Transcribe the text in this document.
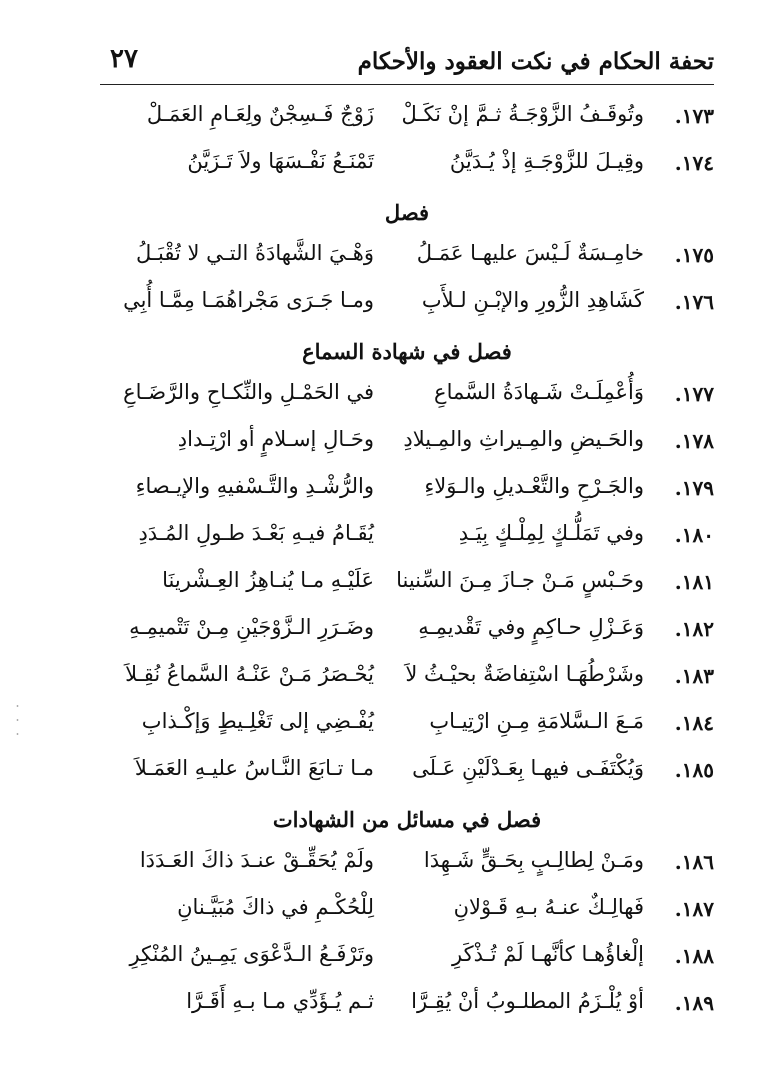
٢٧	تحفة الحكام في نكت العقود والأحكام
١٧٣.
وتُوقَـفُ الزَّوْجَـةُ ثـمَّ إنْ نَكَـلْ
زَوْجٌ فَـسِجْنٌ ولِعَـامِ العَمَـلْ
١٧٤.
وقِيـلَ للزَّوْجَـةِ إذْ يُـدَيَّنُ
تَمْنَـعُ نَفْـسَهَا ولاَ تَـزَيَّنُ
فصل
١٧٥.
خامِـسَةٌ لَـيْسَ عليهـا عَمَـلُ
وَهْـيَ الشَّهادَةُ التـي لا تُقْبَـلُ
١٧٦.
كَشَاهِدِ الزُّورِ والإبْـنِ لـلأَبِ
ومـا جَـرَى مَجْراهُمَـا مِمَّـا أُبِي
فصل في شهادة السماع
١٧٧.
وَأُعْمِلَـتْ شَـهادَةُ السَّماعِ
في الحَمْـلِ والنِّكـاحِ والرَّضَـاعِ
١٧٨.
والحَـيضِ والمِـيراثِ والمِـيلادِ
وحَـالِ إسـلامٍ أو ارْتِـدادِ
١٧٩.
والجَـرْحِ والتَّعْـديلِ والـوَلاءِ
والرُّشْـدِ والتَّـسْفيهِ والإيـصاءِ
١٨٠.
وفي تَمَلُّـكٍ لِمِلْـكٍ بِيَـدِ
يُقَـامُ فيـهِ بَعْـدَ طـولِ المُـدَدِ
١٨١.
وحَـبْسٍ مَـنْ جـازَ مِـنَ السِّنينا
عَلَيْـهِ مـا يُنـاهِزُ العِـشْرينَا
١٨٢.
وَعَـزْلِ حـاكِمٍ وفي تَقْديمِـهِ
وضَـرَرِ الـزَّوْجَيْنِ مِـنْ تَتْميمِـهِ
١٨٣.
وشَرْطُهَـا اسْتِفاضَةٌ بحيْـثُ لاَ
يُحْـصَرُ مَـنْ عَنْـهُ السَّماعُ نُقِـلاَ
١٨٤.
مَـعَ الـسَّلامَةِ مِـنِ ارْتِيـابِ
يُفْـضِي إلى تَغْلِـيطٍ وَإكْـذابِ
١٨٥.
وَيُكْتَفَـى فيهـا بِعَـدْلَيْنِ عَـلَى
مـا تـابَعَ النَّـاسُ عليـهِ العَمَـلاَ
فصل في مسائل من الشهادات
١٨٦.
ومَـنْ لِطالِـبٍ بِحَـقٍّ شَـهِدَا
ولَمْ يُحَقِّـقْ عنـدَ ذاكَ العَـدَدَا
١٨٧.
فَهالِـكٌ عنـهُ بـهِ قَـوْلانِ
لِلْحُكْـمِ في ذاكَ مُبَيَّـنانِ
١٨٨.
إلْغاؤُهـا كأنَّهـا لَمْ تُـذْكَرِ
وتَرْفَـعُ الـدَّعْوَى يَمِـينُ المُنْكِرِ
١٨٩.
أوْ يُلْـزَمُ المطلـوبُ أنْ يُقِـرَّا
ثـم يُـؤَدِّي مـا بـهِ أَقَـرَّا
